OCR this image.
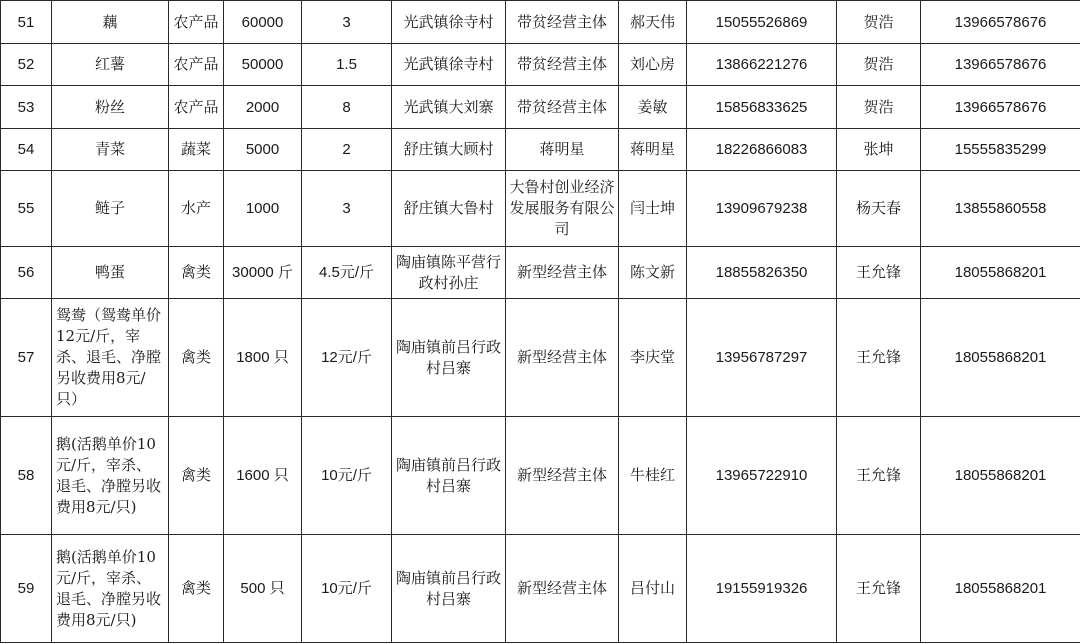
51	藕	农产品	60000	3	光武镇徐寺村	带贫经营主体	郝天伟	15055526869	贺浩	13966578676
52	红薯	农产品	50000	1.5	光武镇徐寺村	带贫经营主体	刘心房	13866221276	贺浩	13966578676
53	粉丝	农产品	2000	8	光武镇大刘寨	带贫经营主体	姜敏	15856833625	贺浩	13966578676
54	青菜	蔬菜	5000	2	舒庄镇大顾村	蒋明星	蒋明星	18226866083	张坤	15555835299
55	鲢子	水产	1000	3	舒庄镇大鲁村	大鲁村创业经济发展服务有限公司	闫士坤	13909679238	杨天春	13855860558
56	鸭蛋	禽类	30000 斤	4.5元/斤	陶庙镇陈平营行政村孙庄	新型经营主体	陈文新	18855826350	王允锋	18055868201
57	鸳鸯（鸳鸯单价12元/斤，宰杀、退毛、净膛另收费用8元/只）	禽类	1800 只	12元/斤	陶庙镇前吕行政村吕寨	新型经营主体	李庆堂	13956787297	王允锋	18055868201
58	鹅(活鹅单价10元/斤，宰杀、退毛、净膛另收费用8元/只)	禽类	1600 只	10元/斤	陶庙镇前吕行政村吕寨	新型经营主体	牛桂红	13965722910	王允锋	18055868201
59	鹅(活鹅单价10元/斤，宰杀、退毛、净膛另收费用8元/只)	禽类	500 只	10元/斤	陶庙镇前吕行政村吕寨	新型经营主体	吕付山	19155919326	王允锋	18055868201
